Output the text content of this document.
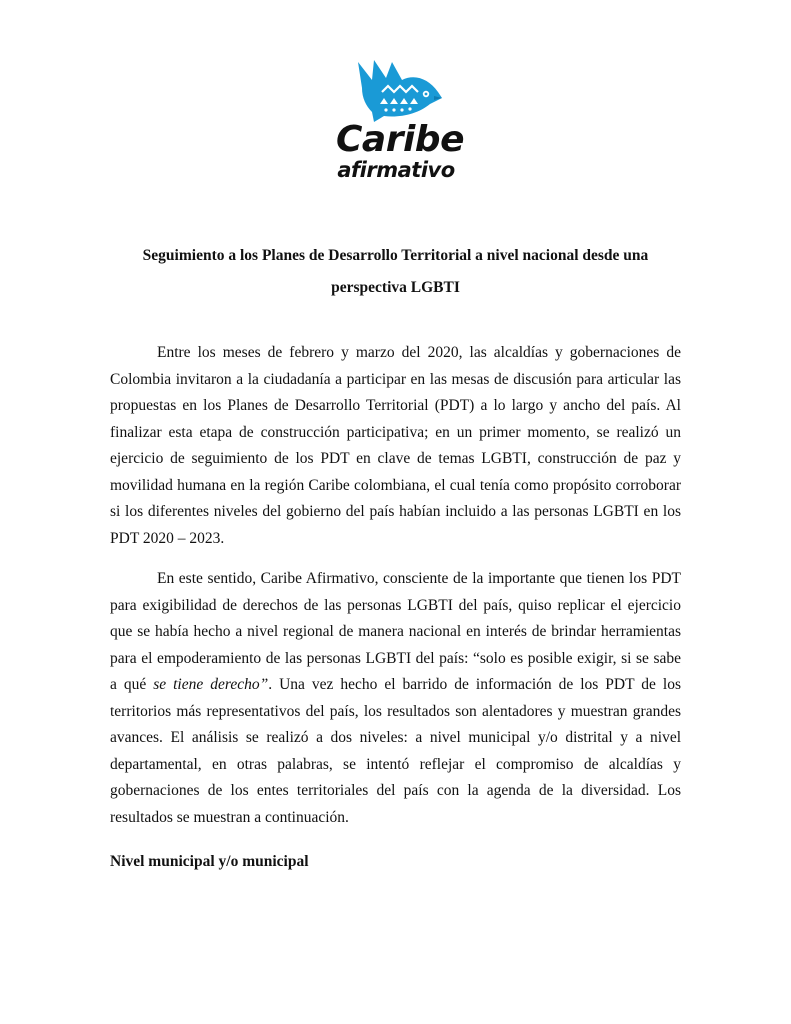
Caribe
afirmativo
Seguimiento a los Planes de Desarrollo Territorial a nivel nacional desde una perspectiva LGBTI

Entre los meses de febrero y marzo del 2020, las alcaldías y gobernaciones de Colombia invitaron a la ciudadanía a participar en las mesas de discusión para articular las propuestas en los Planes de Desarrollo Territorial (PDT) a lo largo y ancho del país. Al finalizar esta etapa de construcción participativa; en un primer momento, se realizó un ejercicio de seguimiento de los PDT en clave de temas LGBTI, construcción de paz y movilidad humana en la región Caribe colombiana, el cual tenía como propósito corroborar si los diferentes niveles del gobierno del país habían incluido a las personas LGBTI en los PDT 2020 – 2023.

En este sentido, Caribe Afirmativo, consciente de la importante que tienen los PDT para exigibilidad de derechos de las personas LGBTI del país, quiso replicar el ejercicio que se había hecho a nivel regional de manera nacional en interés de brindar herramientas para el empoderamiento de las personas LGBTI del país: “solo es posible exigir, si se sabe a qué se tiene derecho”. Una vez hecho el barrido de información de los PDT de los territorios más representativos del país, los resultados son alentadores y muestran grandes avances. El análisis se realizó a dos niveles: a nivel municipal y/o distrital y a nivel departamental, en otras palabras, se intentó reflejar el compromiso de alcaldías y gobernaciones de los entes territoriales del país con la agenda de la diversidad. Los resultados se muestran a continuación.

Nivel municipal y/o municipal
